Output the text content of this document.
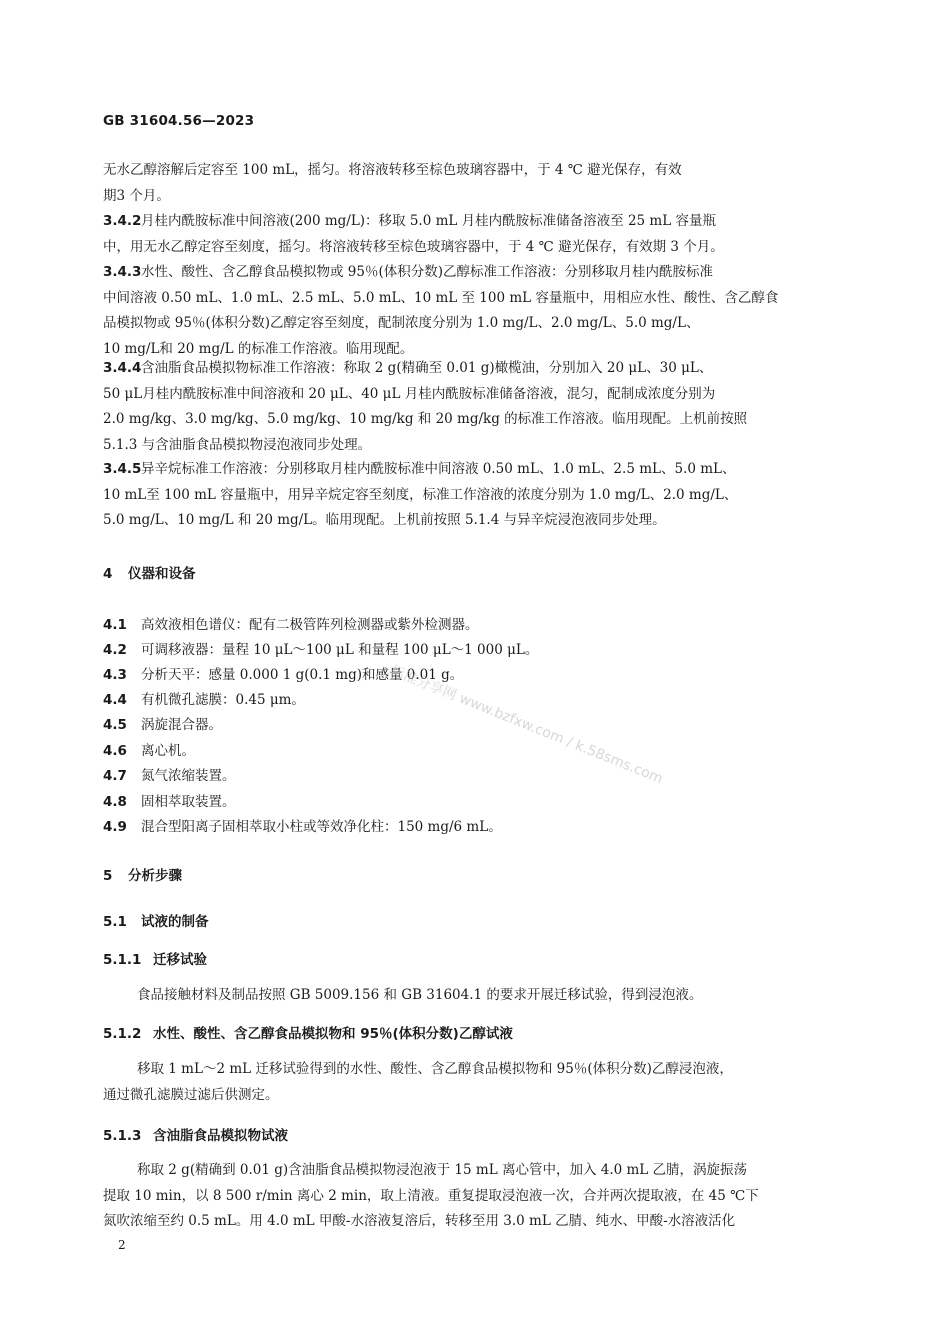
GB 31604.56—2023
无水乙醇溶解后定容至 100 mL，摇匀。将溶液转移至棕色玻璃容器中，于 4 ℃ 避光保存，有效
期3 个月。
3.4.2月桂内酰胺标准中间溶液(200 mg/L)：移取 5.0 mL 月桂内酰胺标准储备溶液至 25 mL 容量瓶
中，用无水乙醇定容至刻度，摇匀。将溶液转移至棕色玻璃容器中，于 4 ℃ 避光保存，有效期 3 个月。
3.4.3水性、酸性、含乙醇食品模拟物或 95％(体积分数)乙醇标准工作溶液：分别移取月桂内酰胺标准
中间溶液 0.50 mL、1.0 mL、2.5 mL、5.0 mL、10 mL 至 100 mL 容量瓶中，用相应水性、酸性、含乙醇食
品模拟物或 95％(体积分数)乙醇定容至刻度，配制浓度分别为 1.0 mg/L、2.0 mg/L、5.0 mg/L、
10 mg/L和 20 mg/L 的标准工作溶液。临用现配。
3.4.4含油脂食品模拟物标准工作溶液：称取 2 g(精确至 0.01 g)橄榄油，分别加入 20 μL、30 μL、
50 μL月桂内酰胺标准中间溶液和 20 μL、40 μL 月桂内酰胺标准储备溶液，混匀，配制成浓度分别为
2.0 mg/kg、3.0 mg/kg、5.0 mg/kg、10 mg/kg 和 20 mg/kg 的标准工作溶液。临用现配。上机前按照
5.1.3 与含油脂食品模拟物浸泡液同步处理。
3.4.5异辛烷标准工作溶液：分别移取月桂内酰胺标准中间溶液 0.50 mL、1.0 mL、2.5 mL、5.0 mL、
10 mL至 100 mL 容量瓶中，用异辛烷定容至刻度，标准工作溶液的浓度分别为 1.0 mg/L、2.0 mg/L、
5.0 mg/L、10 mg/L 和 20 mg/L。临用现配。上机前按照 5.1.4 与异辛烷浸泡液同步处理。
4 仪器和设备
4.1 高效液相色谱仪：配有二极管阵列检测器或紫外检测器。
4.2 可调移液器：量程 10 μL～100 μL 和量程 100 μL～1 000 μL。
4.3 分析天平：感量 0.000 1 g(0.1 mg)和感量 0.01 g。
4.4 有机微孔滤膜：0.45 μm。
4.5 涡旋混合器。
4.6 离心机。
4.7 氮气浓缩装置。
4.8 固相萃取装置。
4.9 混合型阳离子固相萃取小柱或等效净化柱：150 mg/6 mL。
5 分析步骤
5.1 试液的制备
5.1.1 迁移试验
食品接触材料及制品按照 GB 5009.156 和 GB 31604.1 的要求开展迁移试验，得到浸泡液。
5.1.2 水性、酸性、含乙醇食品模拟物和 95％(体积分数)乙醇试液
移取 1 mL～2 mL 迁移试验得到的水性、酸性、含乙醇食品模拟物和 95％(体积分数)乙醇浸泡液，
通过微孔滤膜过滤后供测定。
5.1.3 含油脂食品模拟物试液
称取 2 g(精确到 0.01 g)含油脂食品模拟物浸泡液于 15 mL 离心管中，加入 4.0 mL 乙腈，涡旋振荡
提取 10 min，以 8 500 r/min 离心 2 min，取上清液。重复提取浸泡液一次，合并两次提取液，在 45 ℃下
氮吹浓缩至约 0.5 mL。用 4.0 mL 甲酸-水溶液复溶后，转移至用 3.0 mL 乙腈、纯水、甲酸-水溶液活化
2
标准分享网 www.bzfxw.com / k.58sms.com
